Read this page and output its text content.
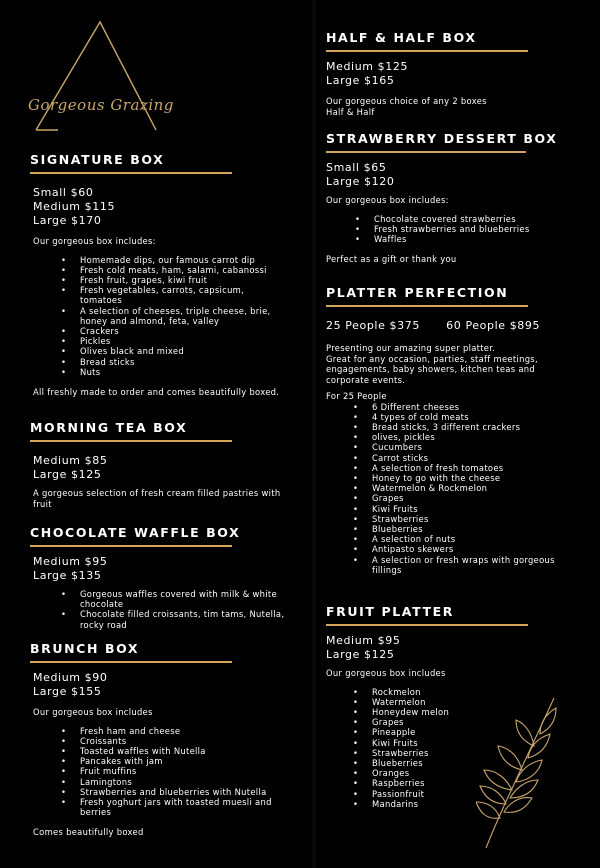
Gorgeous Grazing
SIGNATURE BOX
Small $60
Medium $115
Large $170
Our gorgeous box includes:
• Homemade dips, our famous carrot dip
• Fresh cold meats, ham, salami, cabanossi
• Fresh fruit, grapes, kiwi fruit
• Fresh vegetables, carrots, capsicum, tomatoes
• A selection of cheeses, triple cheese, brie, honey and almond, feta, valley
• Crackers
• Pickles
• Olives black and mixed
• Bread sticks
• Nuts
All freshly made to order and comes beautifully boxed.
MORNING TEA BOX
Medium $85
Large $125
A gorgeous selection of fresh cream filled pastries with fruit
CHOCOLATE WAFFLE BOX
Medium $95
Large $135
• Gorgeous waffles covered with milk & white chocolate
• Chocolate filled croissants, tim tams, Nutella, rocky road
BRUNCH BOX
Medium $90
Large $155
Our gorgeous box includes
• Fresh ham and cheese
• Croissants
• Toasted waffles with Nutella
• Pancakes with jam
• Fruit muffins
• Lamingtons
• Strawberries and blueberries with Nutella
• Fresh yoghurt jars with toasted muesli and berries
Comes beautifully boxed
HALF & HALF BOX
Medium $125
Large $165
Our gorgeous choice of any 2 boxes
Half & Half
STRAWBERRY DESSERT BOX
Small $65
Large $120
Our gorgeous box includes:
• Chocolate covered strawberries
• Fresh strawberries and blueberries
• Waffles
Perfect as a gift or thank you
PLATTER PERFECTION
25 People $375 60 People $895
Presenting our amazing super platter.
Great for any occasion, parties, staff meetings,
engagements, baby showers, kitchen teas and
corporate events.
For 25 People
• 6 Different cheeses
• 4 types of cold meats
• Bread sticks, 3 different crackers
• olives, pickles
• Cucumbers
• Carrot sticks
• A selection of fresh tomatoes
• Honey to go with the cheese
• Watermelon & Rockmelon
• Grapes
• Kiwi Fruits
• Strawberries
• Blueberries
• A selection of nuts
• Antipasto skewers
• A selection or fresh wraps with gorgeous fillings
FRUIT PLATTER
Medium $95
Large $125
Our gorgeous box includes
• Rockmelon
• Watermelon
• Honeydew melon
• Grapes
• Pineapple
• Kiwi Fruits
• Strawberries
• Blueberries
• Oranges
• Raspberries
• Passionfruit
• Mandarins
